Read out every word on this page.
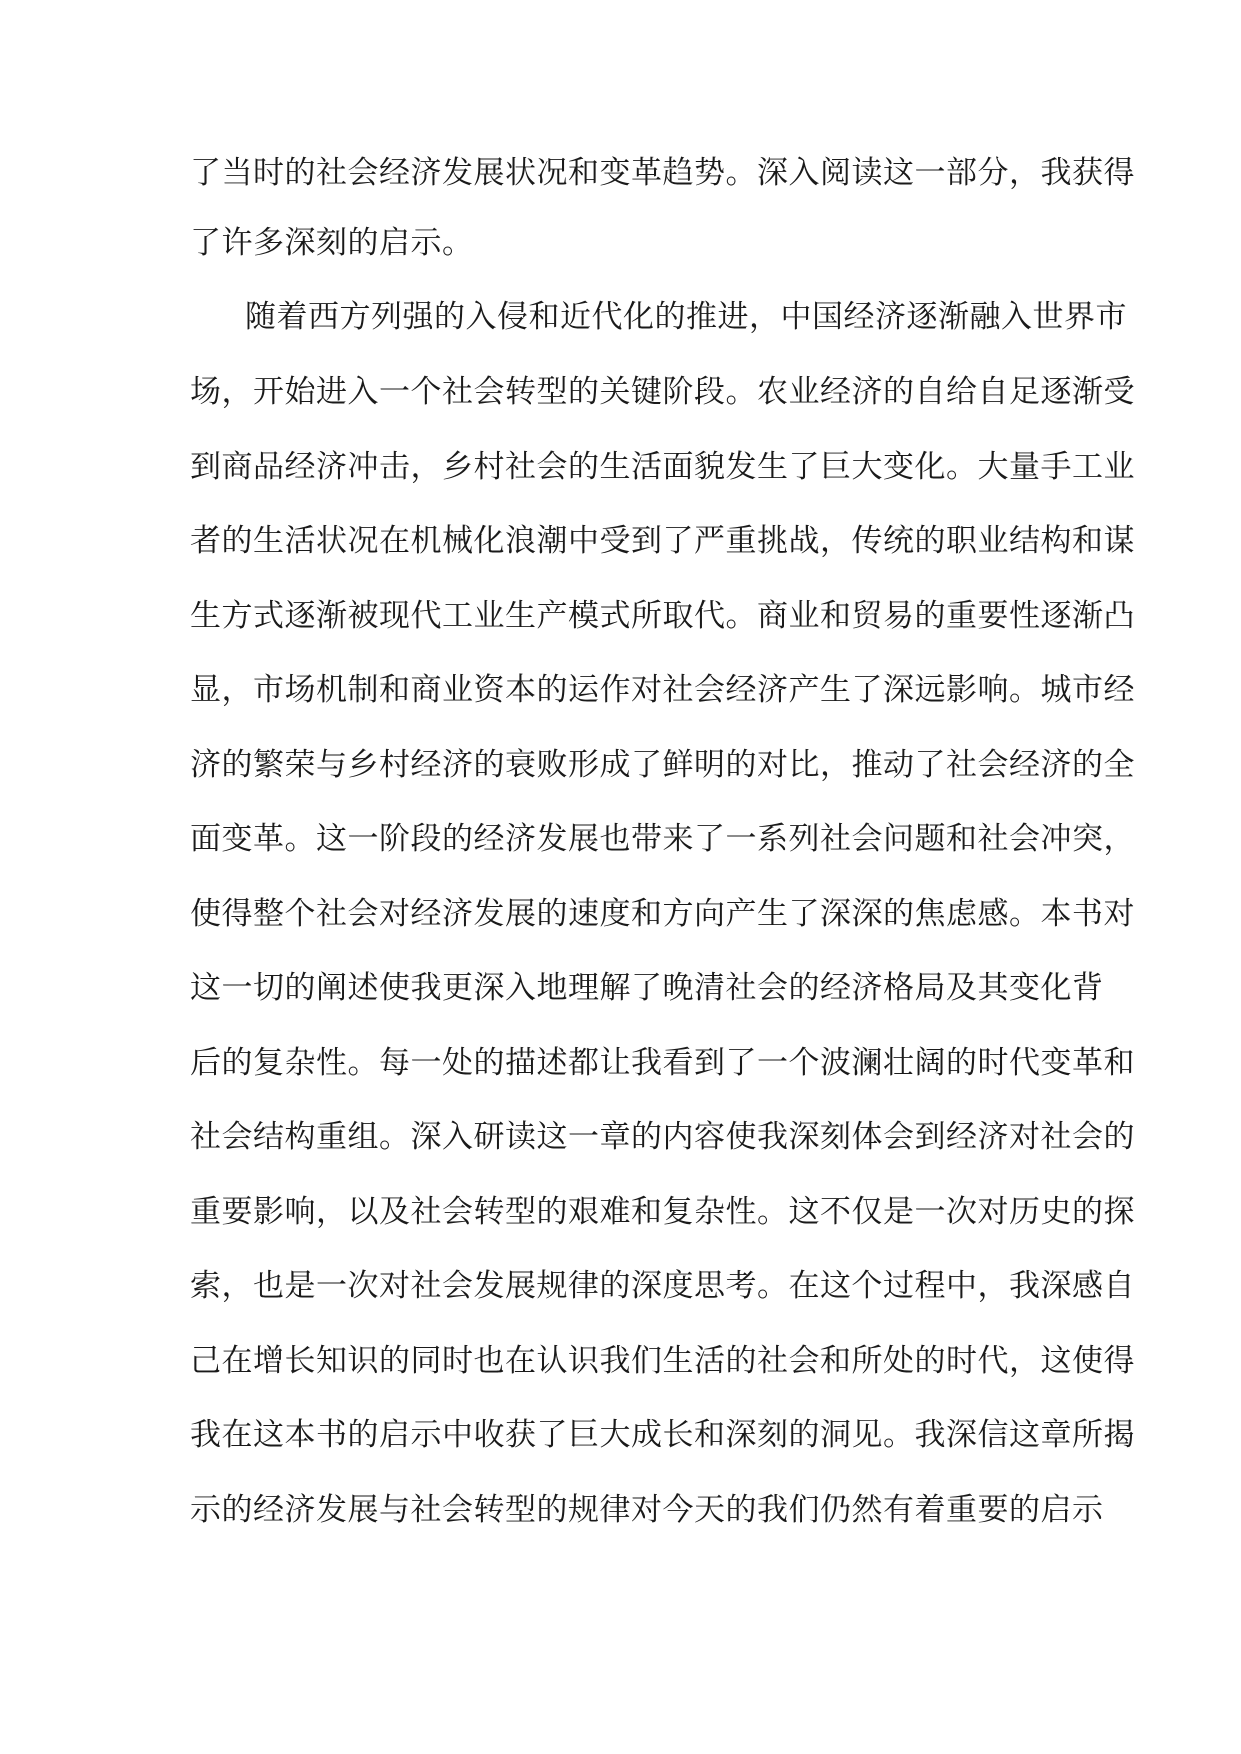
了当时的社会经济发展状况和变革趋势。深入阅读这一部分，我获得
了许多深刻的启示。
随着西方列强的入侵和近代化的推进，中国经济逐渐融入世界市
场，开始进入一个社会转型的关键阶段。农业经济的自给自足逐渐受
到商品经济冲击，乡村社会的生活面貌发生了巨大变化。大量手工业
者的生活状况在机械化浪潮中受到了严重挑战，传统的职业结构和谋
生方式逐渐被现代工业生产模式所取代。商业和贸易的重要性逐渐凸
显，市场机制和商业资本的运作对社会经济产生了深远影响。城市经
济的繁荣与乡村经济的衰败形成了鲜明的对比，推动了社会经济的全
面变革。这一阶段的经济发展也带来了一系列社会问题和社会冲突，
使得整个社会对经济发展的速度和方向产生了深深的焦虑感。本书对
这一切的阐述使我更深入地理解了晚清社会的经济格局及其变化背
后的复杂性。每一处的描述都让我看到了一个波澜壮阔的时代变革和
社会结构重组。深入研读这一章的内容使我深刻体会到经济对社会的
重要影响，以及社会转型的艰难和复杂性。这不仅是一次对历史的探
索，也是一次对社会发展规律的深度思考。在这个过程中，我深感自
己在增长知识的同时也在认识我们生活的社会和所处的时代，这使得
我在这本书的启示中收获了巨大成长和深刻的洞见。我深信这章所揭
示的经济发展与社会转型的规律对今天的我们仍然有着重要的启示
